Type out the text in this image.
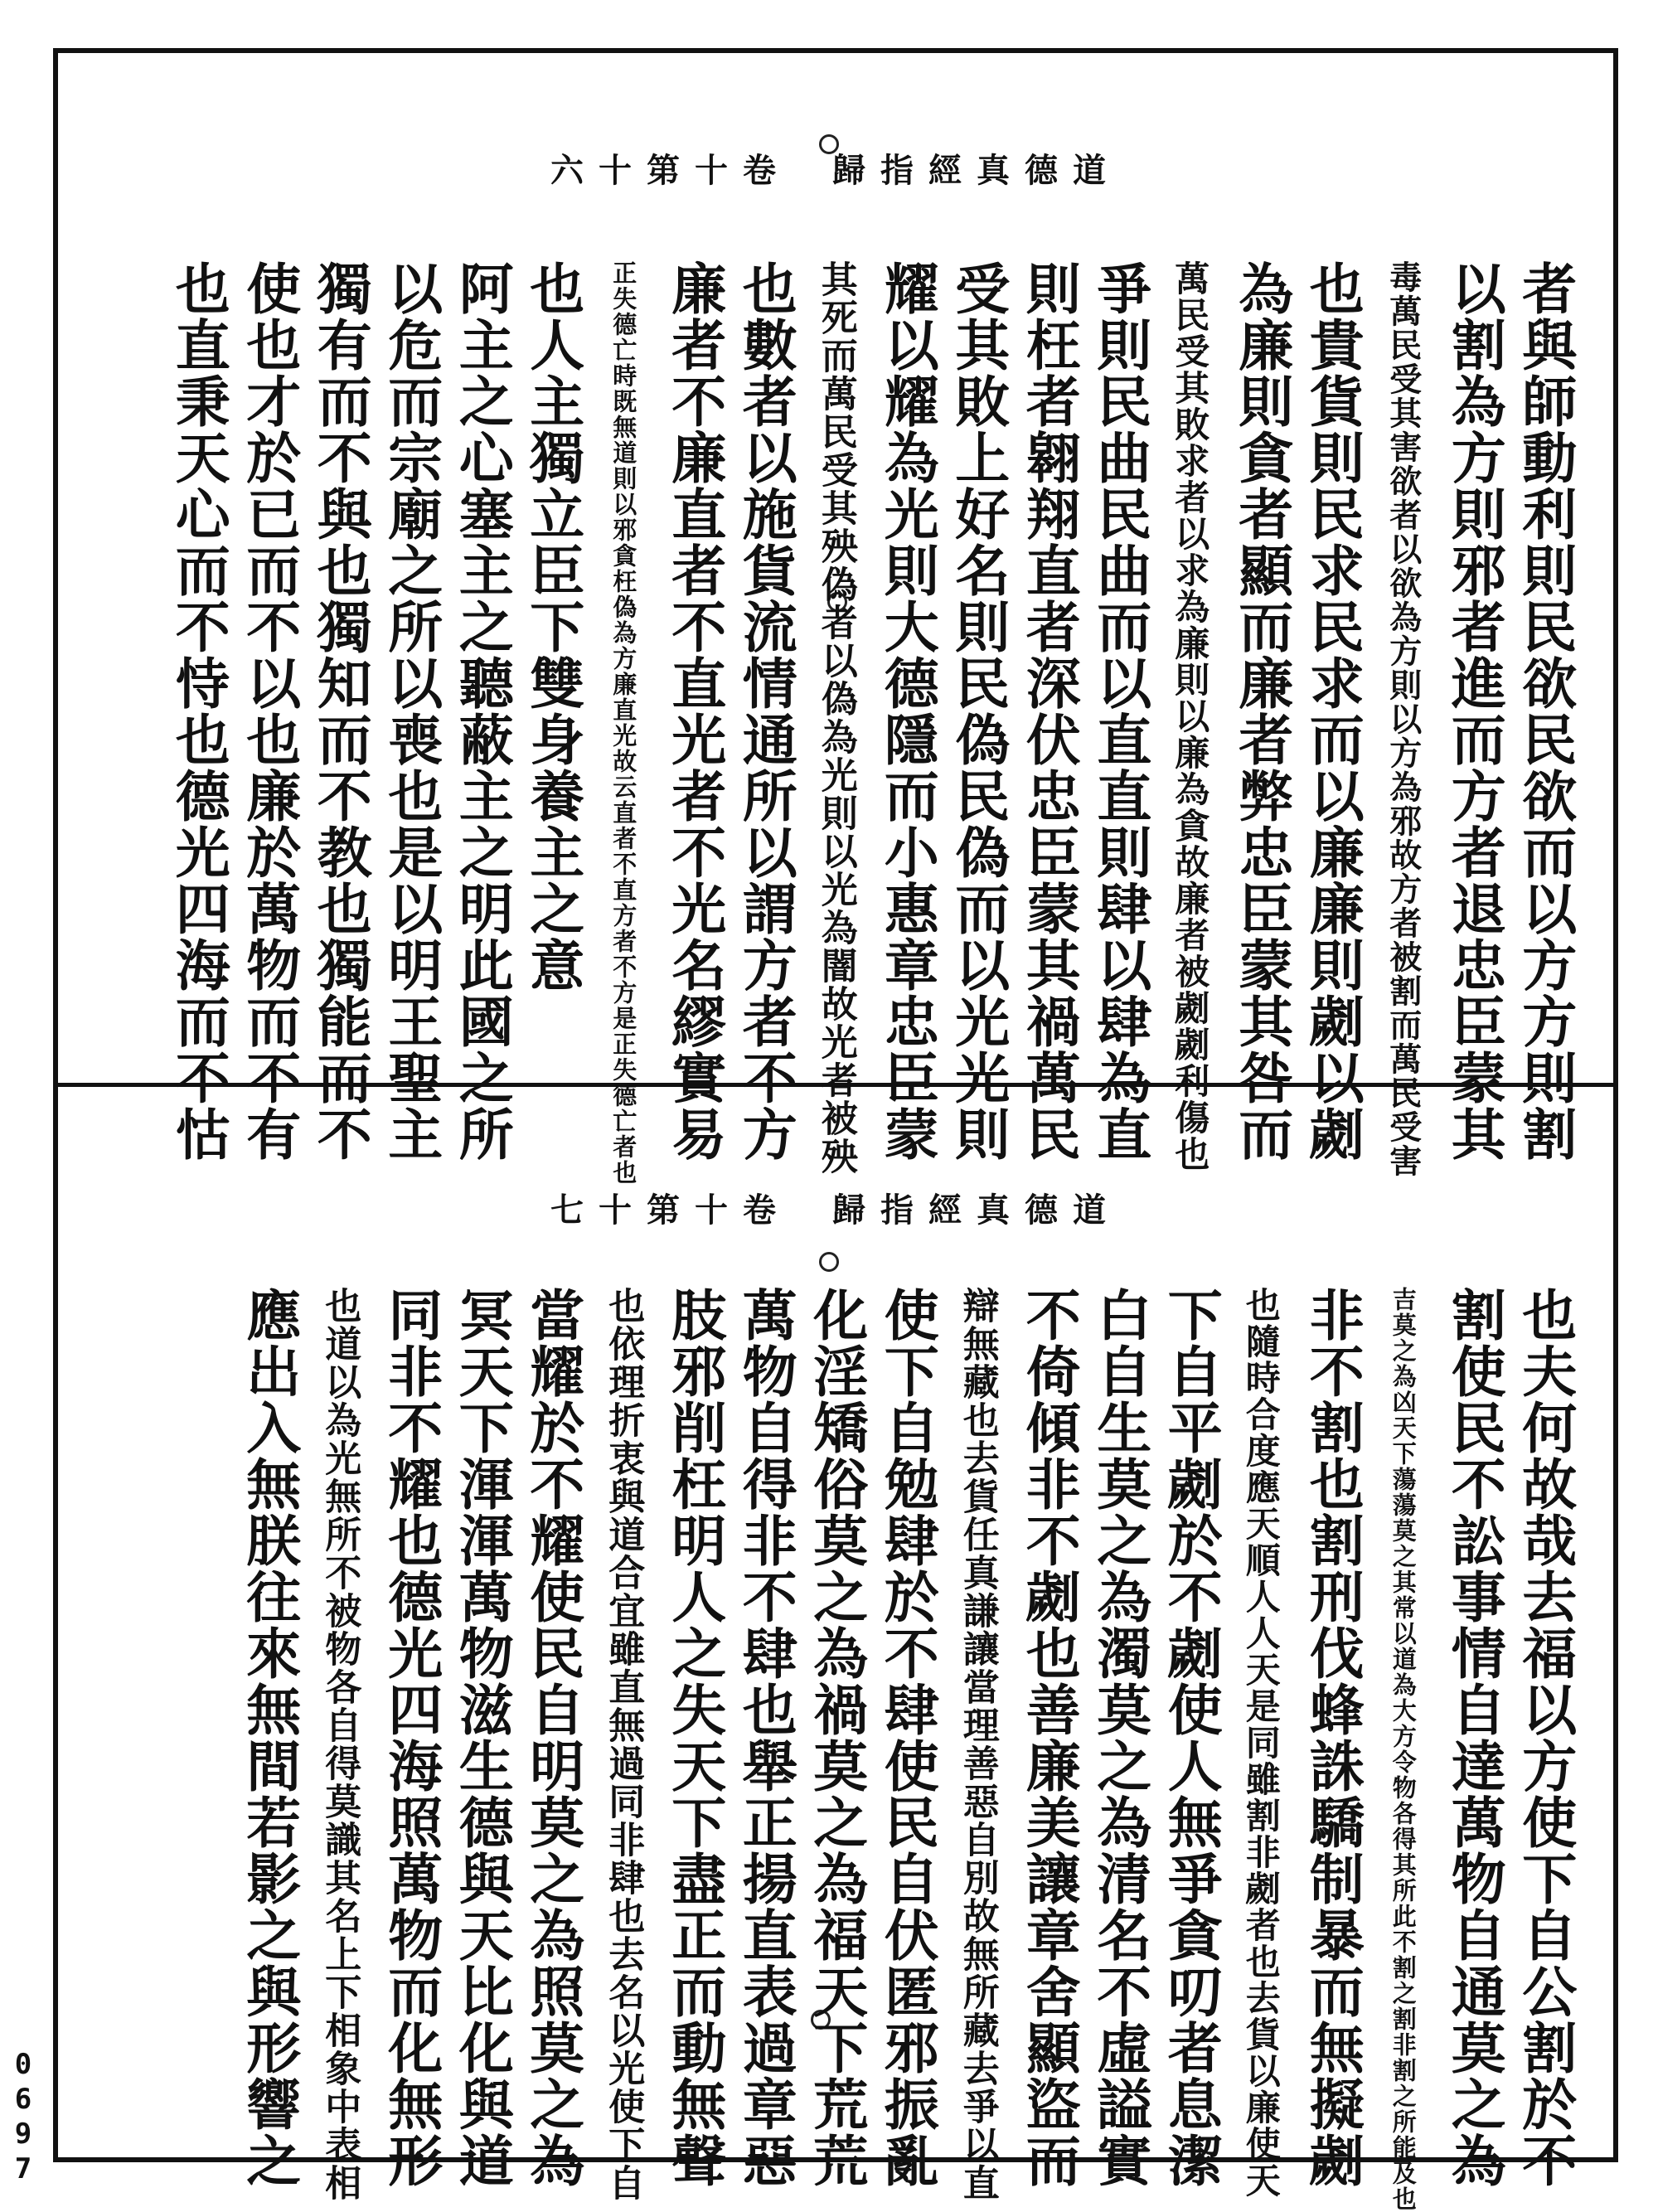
卷十第十六 道德真經指歸
者與師動利則民欲民欲而以方方則割
以割為方則邪者進而方者退忠臣蒙其
毒萬民受其害欲者以欲為方則以方為邪故方者被割而萬民受害
也貴貨則民求民求而以廉廉則劌以劌
為廉則貪者顯而廉者弊忠臣蒙其咎而
萬民受其敗求者以求為廉則以廉為貪故廉者被劌劌利傷也
爭則民曲民曲而以直直則肆以肆為直
則枉者翱翔直者深伏忠臣蒙其禍萬民
受其敗上好名則民偽民偽而以光光則
耀以耀為光則大德隱而小惠章忠臣蒙
其死而萬民受其殃偽者以偽為光則以光為闇故光者被殃
也數者以施貨流情通所以謂方者不方
廉者不廉直者不直光者不光名繆實易
正失德亡時既無道則以邪貪枉偽為方廉直光故云直者不直方者不方是正失德亡者也
也人主獨立臣下雙身養主之意
阿主之心塞主之聽蔽主之明此國之所
以危而宗廟之所以喪也是以明王聖主
獨有而不與也獨知而不教也獨能而不
使也才於已而不以也廉於萬物而不有
也直秉天心而不恃也德光四海而不怙
卷十第十七 道德真經指歸
也夫何故哉去福以方使下自公割於不
割使民不訟事情自達萬物自通莫之為
吉莫之為凶天下蕩蕩莫之其常以道為大方令物各得其所此不割之割非割之所能及也
非不割也割刑伐蜂誅驕制暴而無擬劌
也隨時合度應天順人人天是同雖割非劌者也去貨以廉使天
下自平劌於不劌使人無爭貪叨者息潔
白自生莫之為濁莫之為清名不虛謚實
不倚傾非不劌也善廉美讓章舍顯盜而
辯無藏也去貨任真謙讓當理善惡自別故無所藏去爭以直
使下自勉肆於不肆使民自伏匿邪振亂
化淫矯俗莫之為禍莫之為福天下荒荒
萬物自得非不肆也舉正揚直表過章惡
肢邪削枉明人之失天下盡正而動無聲
也依理折衷與道合宜雖直無過同非肆也去名以光使下自
當耀於不耀使民自明莫之為照莫之為
冥天下渾渾萬物滋生德與天比化與道
同非不耀也德光四海照萬物而化無形
也道以為光無所不被物各自得莫識其名上下相象中表相
應出入無朕往來無間若影之與形響之
0697
